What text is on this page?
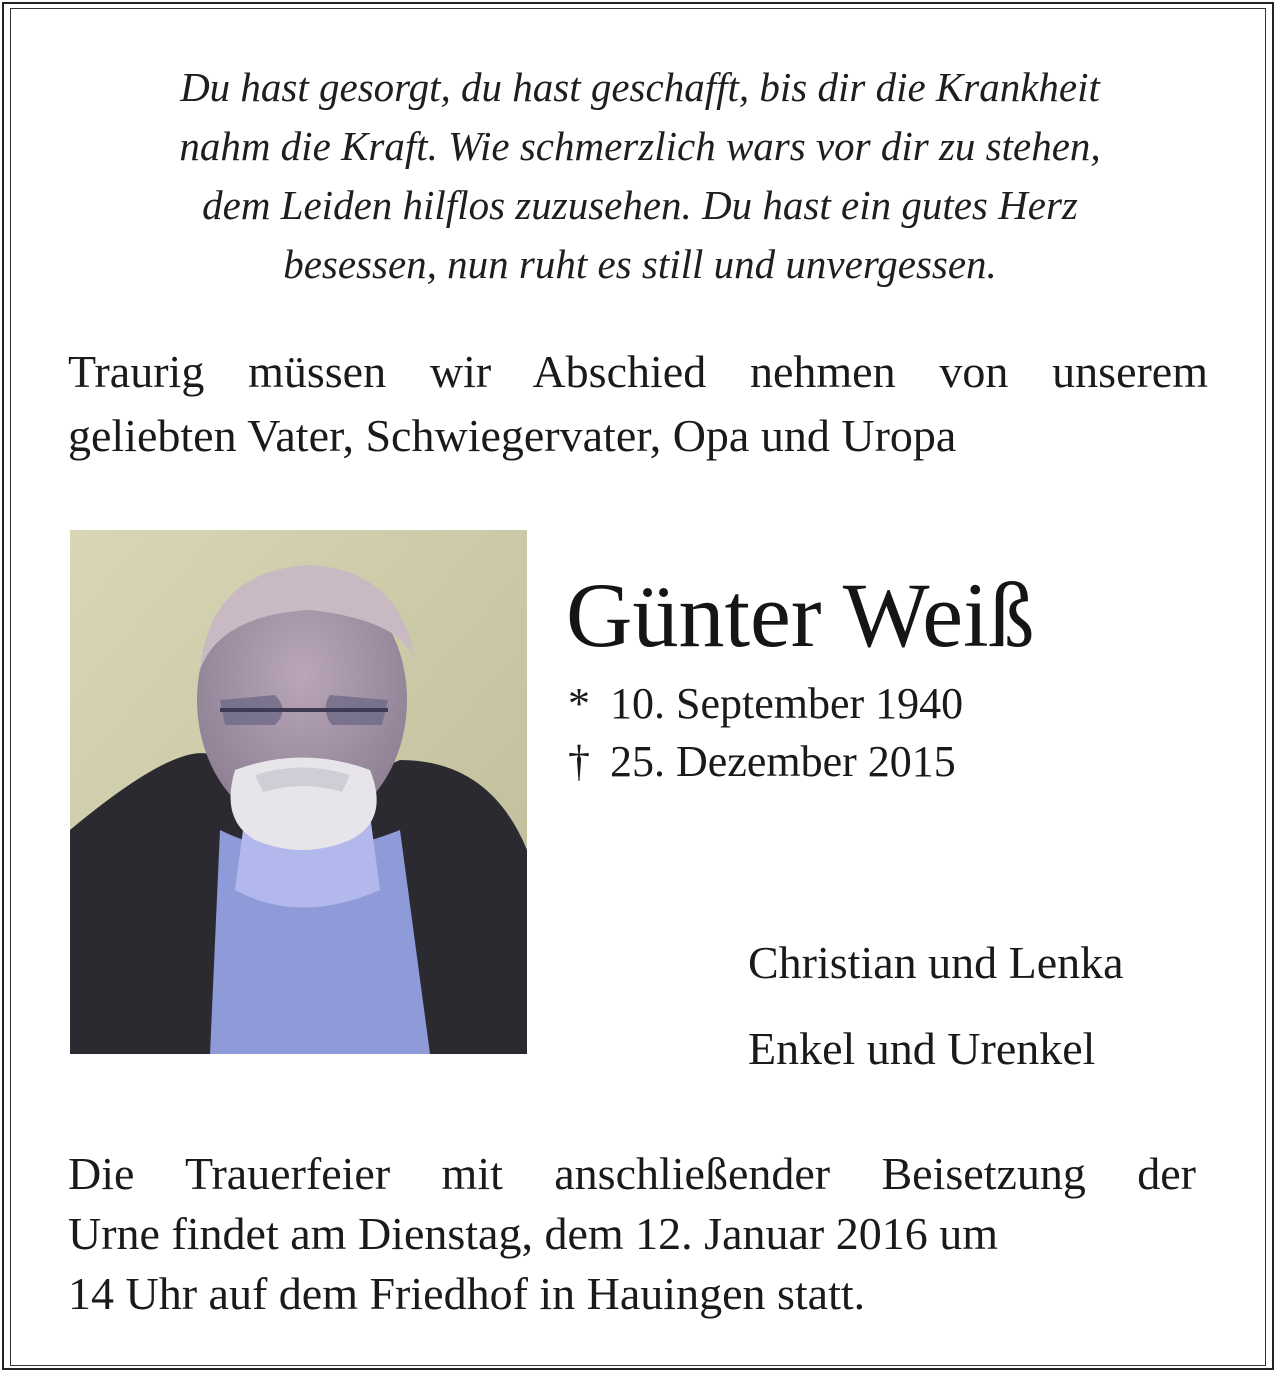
Du hast gesorgt, du hast geschafft, bis dir die Krankheit
nahm die Kraft. Wie schmerzlich wars vor dir zu stehen,
dem Leiden hilflos zuzusehen. Du hast ein gutes Herz
besessen, nun ruht es still und unvergessen.
Traurig müssen wir Abschied nehmen von unserem
geliebten Vater, Schwiegervater, Opa und Uropa
Günter Weiß
* 10. September 1940
† 25. Dezember 2015
Christian und Lenka
Enkel und Urenkel
Die Trauerfeier mit anschließender Beisetzung der
Urne findet am Dienstag, dem 12. Januar 2016 um
14 Uhr auf dem Friedhof in Hauingen statt.
